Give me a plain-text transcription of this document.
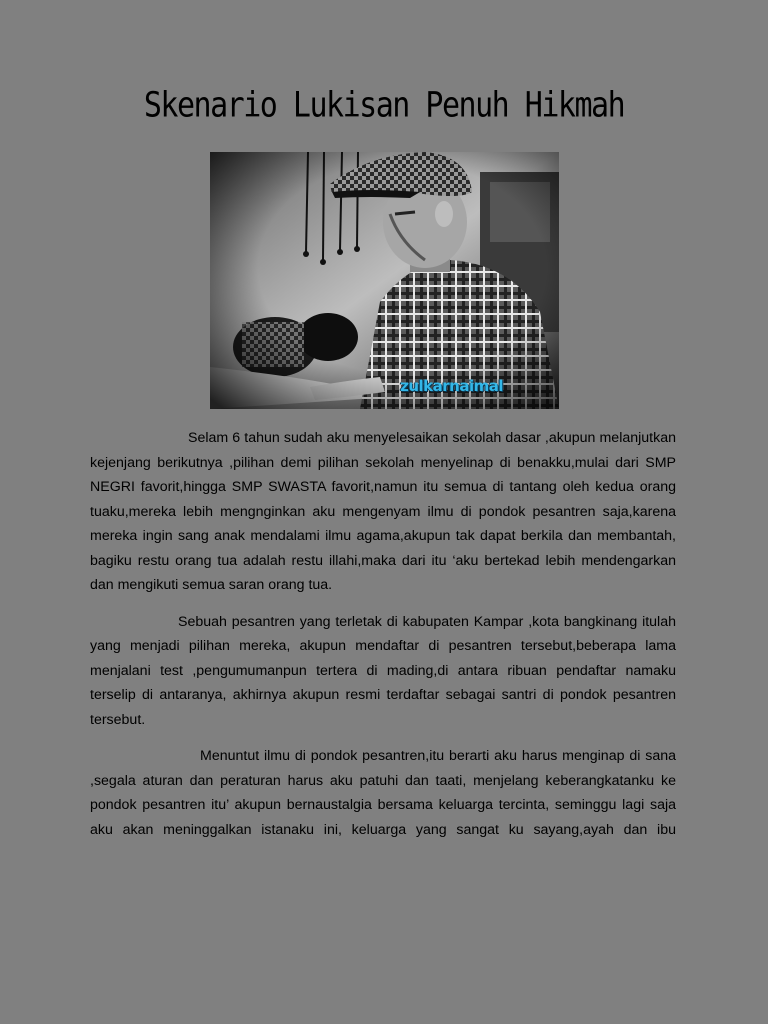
Skenario Lukisan Penuh Hikmah
zulkarnaimal

Selam 6 tahun sudah aku menyelesaikan sekolah dasar ,akupun melanjutkan kejenjang berikutnya ,pilihan demi pilihan sekolah menyelinap di benakku,mulai dari SMP NEGRI favorit,hingga SMP SWASTA favorit,namun itu semua di tantang oleh kedua orang tuaku,mereka lebih mengnginkan aku mengenyam ilmu di pondok pesantren saja,karena mereka ingin sang anak mendalami ilmu agama,akupun tak dapat berkila dan membantah, bagiku restu orang tua adalah restu illahi,maka dari itu ‘aku bertekad lebih mendengarkan dan mengikuti semua saran orang tua.

Sebuah pesantren yang terletak di kabupaten Kampar ,kota bangkinang itulah yang menjadi pilihan mereka, akupun mendaftar di pesantren tersebut,beberapa lama menjalani test ,pengumumanpun tertera di mading,di antara ribuan pendaftar namaku terselip di antaranya, akhirnya akupun resmi terdaftar sebagai santri di pondok pesantren tersebut.

Menuntut ilmu di pondok pesantren,itu berarti aku harus menginap di sana ,segala aturan dan peraturan harus aku patuhi dan taati, menjelang keberangkatanku ke pondok pesantren itu’ akupun bernaustalgia bersama keluarga tercinta, seminggu lagi saja aku akan meninggalkan istanaku ini, keluarga yang sangat ku sayang,ayah dan ibu
